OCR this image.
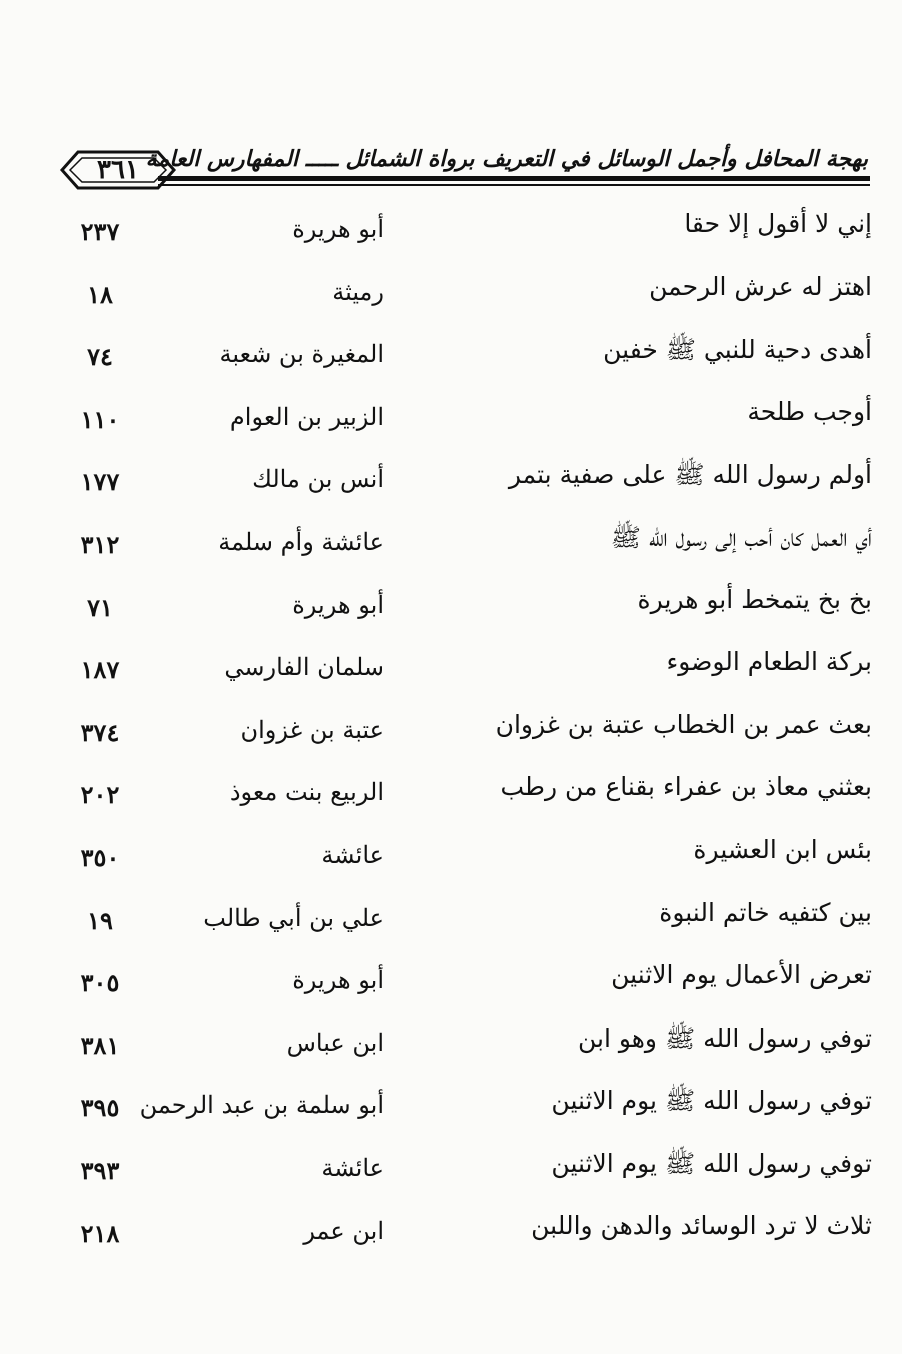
٣٦١ بهجة المحافل وأجمل الوسائل في التعريف برواة الشمائل ـــــ المفهارس العامة
إني لا أقول إلا حقا
أبو هريرة
٢٣٧
اهتز له عرش الرحمن
رميثة
١٨
أهدى دحية للنبي ﷺ خفين
المغيرة بن شعبة
٧٤
أوجب طلحة
الزبير بن العوام
١١٠
أولم رسول الله ﷺ على صفية بتمر
أنس بن مالك
١٧٧
أي العمل كان أحب إلى رسول الله ﷺ
عائشة وأم سلمة
٣١٢
بخ بخ يتمخط أبو هريرة
أبو هريرة
٧١
بركة الطعام الوضوء
سلمان الفارسي
١٨٧
بعث عمر بن الخطاب عتبة بن غزوان
عتبة بن غزوان
٣٧٤
بعثني معاذ بن عفراء بقناع من رطب
الربيع بنت معوذ
٢٠٢
بئس ابن العشيرة
عائشة
٣٥٠
بين كتفيه خاتم النبوة
علي بن أبي طالب
١٩
تعرض الأعمال يوم الاثنين
أبو هريرة
٣٠٥
توفي رسول الله ﷺ وهو ابن
ابن عباس
٣٨١
توفي رسول الله ﷺ يوم الاثنين
أبو سلمة بن عبد الرحمن
٣٩٥
توفي رسول الله ﷺ يوم الاثنين
عائشة
٣٩٣
ثلاث لا ترد الوسائد والدهن واللبن
ابن عمر
٢١٨
